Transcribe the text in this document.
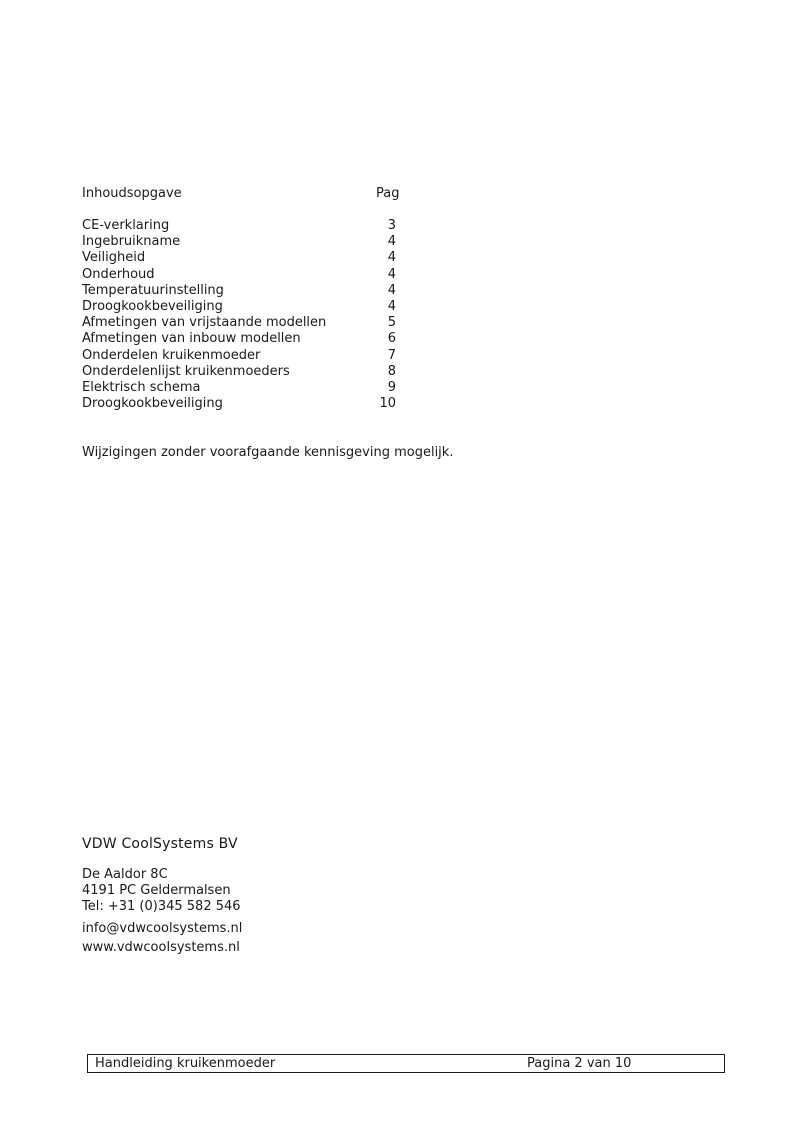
Inhoudsopgave	Pag
CE-verklaring	3
Ingebruikname	4
Veiligheid	4
Onderhoud	4
Temperatuurinstelling	4
Droogkookbeveiliging	4
Afmetingen van vrijstaande modellen	5
Afmetingen van inbouw modellen	6
Onderdelen kruikenmoeder	7
Onderdelenlijst kruikenmoeders	8
Elektrisch schema	9
Droogkookbeveiliging	10
Wijzigingen zonder voorafgaande kennisgeving mogelijk.
VDW CoolSystems BV
De Aaldor 8C
4191 PC Geldermalsen
Tel: +31 (0)345 582 546
info@vdwcoolsystems.nl
www.vdwcoolsystems.nl
Handleiding kruikenmoeder	Pagina 2 van 10
